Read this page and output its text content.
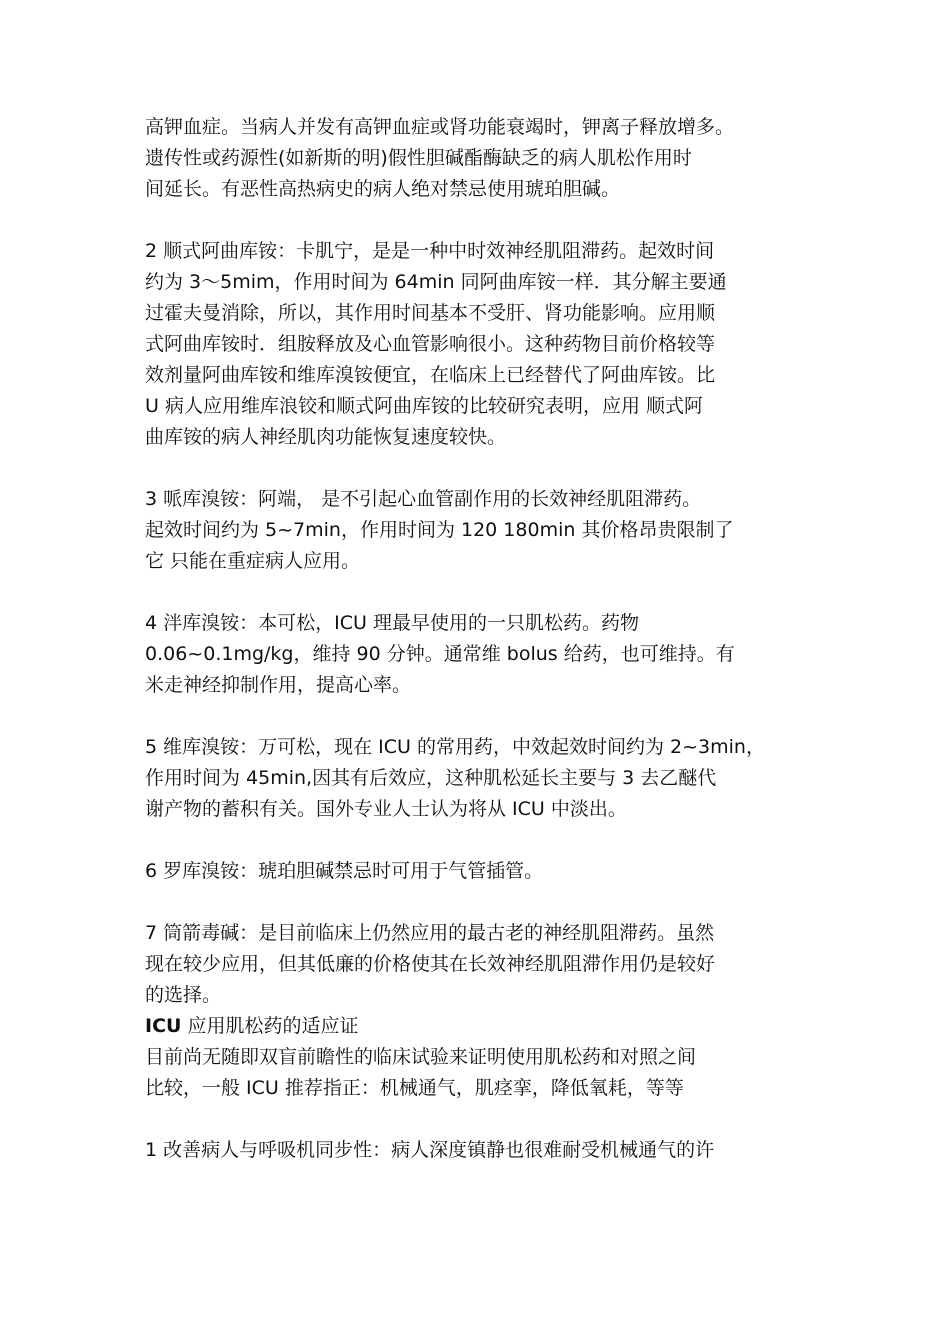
高钾血症。当病人并发有高钾血症或肾功能衰竭时，钾离子释放增多。
遗传性或药源性(如新斯的明)假性胆碱酯酶缺乏的病人肌松作用时
间延长。有恶性高热病史的病人绝对禁忌使用琥珀胆碱。
2 顺式阿曲库铵：卡肌宁，是是一种中时效神经肌阻滞药。起效时间
约为 3～5mim，作用时间为 64min 同阿曲库铵一样．其分解主要通
过霍夫曼消除，所以，其作用时间基本不受肝、肾功能影响。应用顺
式阿曲库铵时．组胺释放及心血管影响很小。这种药物目前价格较等
效剂量阿曲库铵和维库溴铵便宜，在临床上已经替代了阿曲库铵。比
U 病人应用维库浪铰和顺式阿曲库铵的比较研究表明，应用 顺式阿
曲库铵的病人神经肌肉功能恢复速度较快。
3 哌库溴铵：阿端， 是不引起心血管副作用的长效神经肌阻滞药。
起效时间约为 5~7min，作用时间为 120 180min 其价格昂贵限制了
它 只能在重症病人应用。
4 泮库溴铵：本可松，ICU 理最早使用的一只肌松药。药物
0.06~0.1mg/kg，维持 90 分钟。通常维 bolus 给药，也可维持。有
米走神经抑制作用，提高心率。
5 维库溴铵：万可松，现在 ICU 的常用药，中效起效时间约为 2~3min，
作用时间为 45min,因其有后效应，这种肌松延长主要与 3 去乙醚代
谢产物的蓄积有关。国外专业人士认为将从 ICU 中淡出。
6 罗库溴铵：琥珀胆碱禁忌时可用于气管插管。
7 筒箭毒碱：是目前临床上仍然应用的最古老的神经肌阻滞药。虽然
现在较少应用，但其低廉的价格使其在长效神经肌阻滞作用仍是较好
的选择。
ICU 应用肌松药的适应证
目前尚无随即双盲前瞻性的临床试验来证明使用肌松药和对照之间
比较，一般 ICU 推荐指正：机械通气，肌痉挛，降低氧耗，等等
1 改善病人与呼吸机同步性：病人深度镇静也很难耐受机械通气的许
